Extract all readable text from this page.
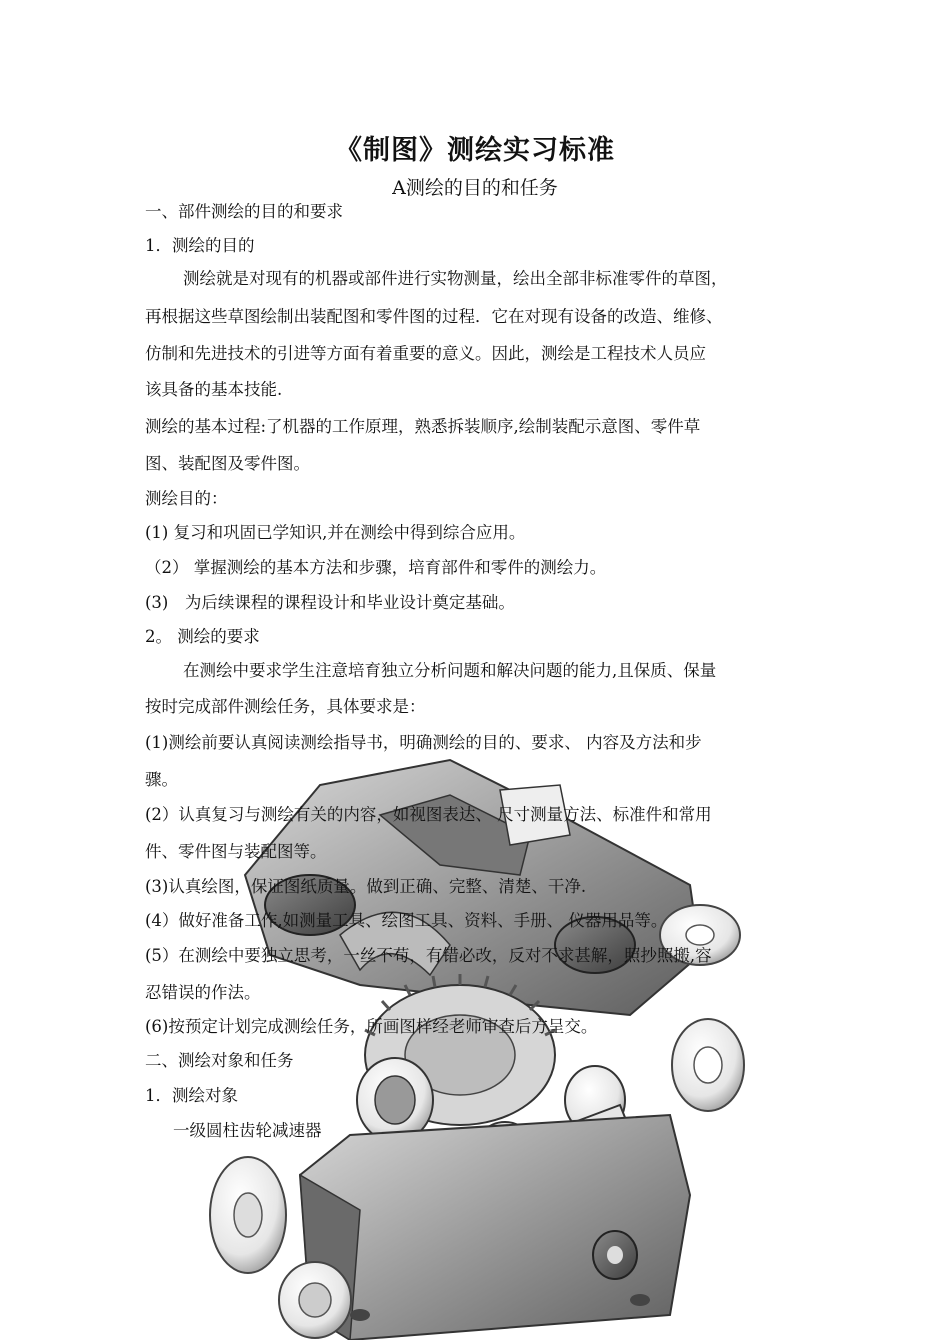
《制图》测绘实习标准
A测绘的目的和任务
一、部件测绘的目的和要求
1．测绘的目的
测绘就是对现有的机器或部件进行实物测量，绘出全部非标准零件的草图，
再根据这些草图绘制出装配图和零件图的过程．它在对现有设备的改造、维修、
仿制和先进技术的引进等方面有着重要的意义。因此，测绘是工程技术人员应
该具备的基本技能.
测绘的基本过程:了机器的工作原理，熟悉拆装顺序,绘制装配示意图、零件草
图、装配图及零件图。
测绘目的：
(1) 复习和巩固已学知识,并在测绘中得到综合应用。
（2） 掌握测绘的基本方法和步骤，培育部件和零件的测绘力。
(3)　为后续课程的课程设计和毕业设计奠定基础。
2。 测绘的要求
在测绘中要求学生注意培育独立分析问题和解决问题的能力,且保质、保量
按时完成部件测绘任务，具体要求是：
(1)测绘前要认真阅读测绘指导书，明确测绘的目的、要求、 内容及方法和步
骤。
(2）认真复习与测绘有关的内容，如视图表达、 尺寸测量方法、标准件和常用
件、零件图与装配图等。
(3)认真绘图，保证图纸质量。做到正确、完整、清楚、干净.
(4）做好准备工作,如测量工具、绘图工具、资料、手册、 仪器用品等。
(5）在测绘中要独立思考，一丝不苟，有错必改，反对不求甚解，照抄照搬,容
忍错误的作法。
(6)按预定计划完成测绘任务，所画图样经老师审查后方呈交。
二、测绘对象和任务
1．测绘对象
一级圆柱齿轮减速器
